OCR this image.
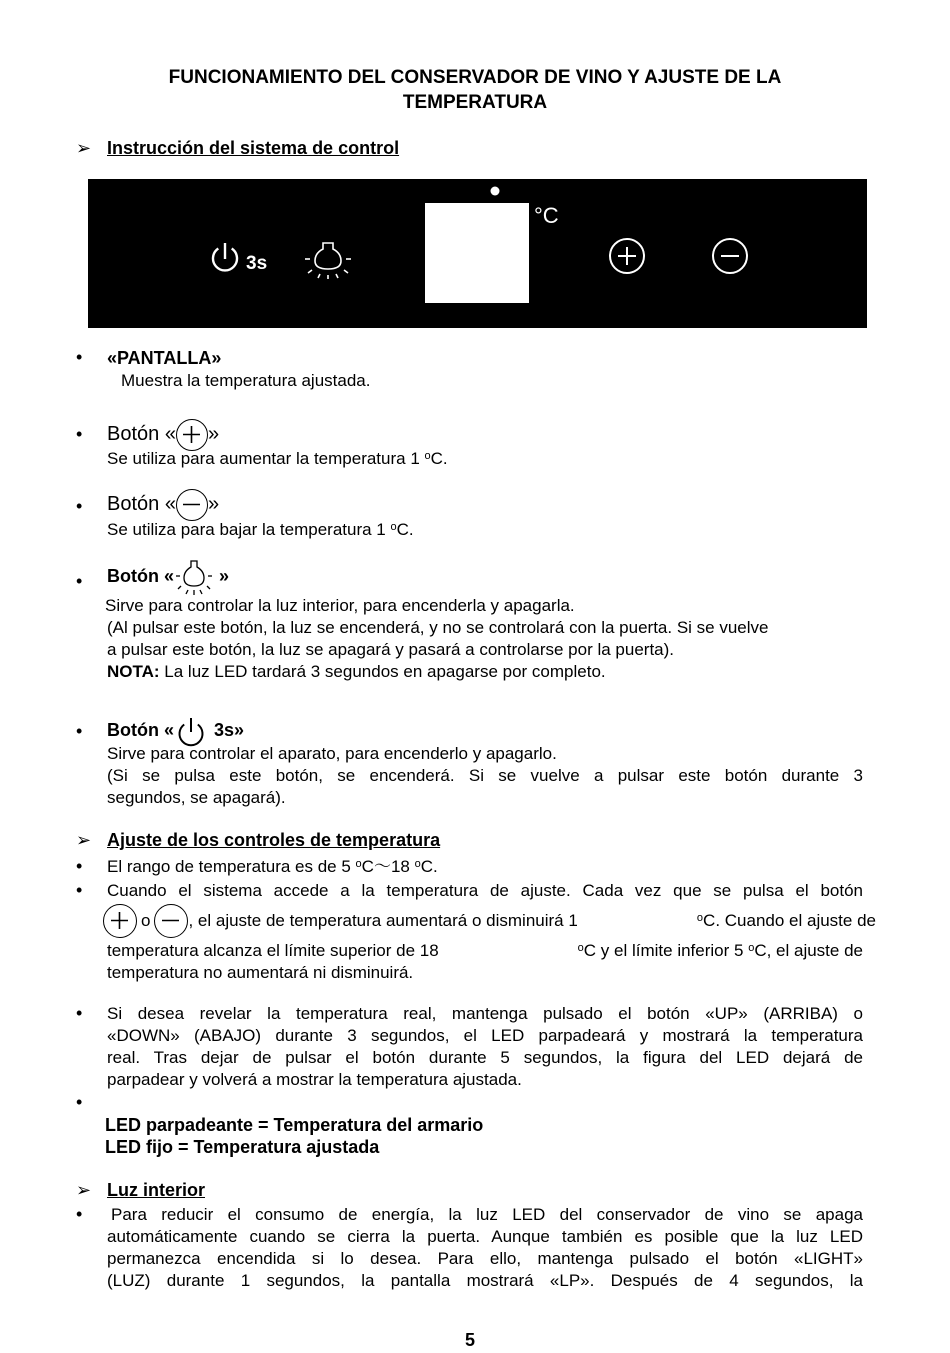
FUNCIONAMIENTO DEL CONSERVADOR DE VINO Y AJUSTE DE LA
TEMPERATURA
➢ Instrucción del sistema de control
3s
°C
• «PANTALLA»
Muestra la temperatura ajustada.
• Botón « »
Se utiliza para aumentar la temperatura 1 $^o$C.
• Botón « »
Se utiliza para bajar la temperatura 1 $^o$C.
• Botón «	»
Sirve para controlar la luz interior, para encenderla y apagarla.
(Al pulsar este botón, la luz se encenderá, y no se controlará con la puerta. Si se vuelve
a pulsar este botón, la luz se apagará y pasará a controlarse por la puerta).
NOTA: La luz LED tardará 3 segundos en apagarse por completo.
• Botón « 3s»
Sirve para controlar el aparato, para encenderlo y apagarlo.
(Si se pulsa este botón, se encenderá. Si se vuelve a pulsar este botón durante 3
segundos, se apagará).
➢ Ajuste de los controles de temperatura
• El rango de temperatura es de 5 $^o$C～18 $^o$C.
• Cuando el sistema accede a la temperatura de ajuste. Cada vez que se pulsa el botón
o , el ajuste de temperatura aumentará o disminuirá 1	$^o$C. Cuando el ajuste de
temperatura alcanza el límite superior de 18	$^o$C y el límite inferior 5 $^o$C, el ajuste de
temperatura no aumentará ni disminuirá.
• Si desea revelar la temperatura real, mantenga pulsado el botón «UP» (ARRIBA) o
«DOWN» (ABAJO) durante 3 segundos, el LED parpadeará y mostrará la temperatura
real. Tras dejar de pulsar el botón durante 5 segundos, la figura del LED dejará de
parpadear y volverá a mostrar la temperatura ajustada.
•
LED parpadeante = Temperatura del armario
LED fijo = Temperatura ajustada
➢ Luz interior
• Para reducir el consumo de energía, la luz LED del conservador de vino se apaga
automáticamente cuando se cierra la puerta. Aunque también es posible que la luz LED
permanezca encendida si lo desea. Para ello, mantenga pulsado el botón «LIGHT»
(LUZ) durante 1 segundos, la pantalla mostrará «LP». Después de 4 segundos, la
5
